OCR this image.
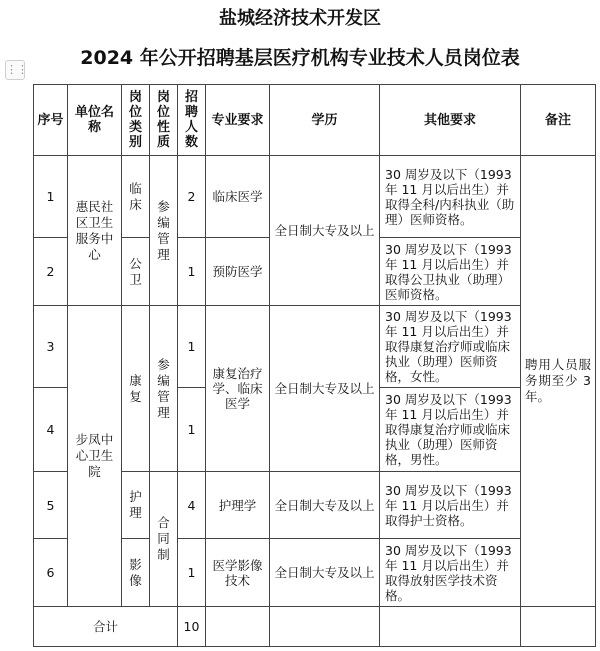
盐城经济技术开发区
2024 年公开招聘基层医疗机构专业技术人员岗位表
⋮⋮
序号	单位名称	岗位类别	岗位性质	招聘人数	专业要求	学历	其他要求	备注
1	惠民社区卫生服务中心	临床	参编管理	2	临床医学	全日制大专及以上	30 周岁及以下（1993 年 11 月以后出生）并取得全科/内科执业（助理）医师资格。	聘用人员服务期至少 3 年。
2		公卫		1	预防医学		30 周岁及以下（1993 年 11 月以后出生）并取得公卫执业（助理）医师资格。	
3	步凤中心卫生院	康复	参编管理	1	康复治疗学、临床医学	全日制大专及以上	30 周岁及以下（1993 年 11 月以后出生）并取得康复治疗师或临床执业（助理）医师资格，女性。	
4				1			30 周岁及以下（1993 年 11 月以后出生）并取得康复治疗师或临床执业（助理）医师资格，男性。	
5		护理	合同制	4	护理学	全日制大专及以上	30 周岁及以下（1993 年 11 月以后出生）并取得护士资格。	
6		影像		1	医学影像技术	全日制大专及以上	30 周岁及以下（1993 年 11 月以后出生）并取得放射医学技术资格。	
合计				10				
